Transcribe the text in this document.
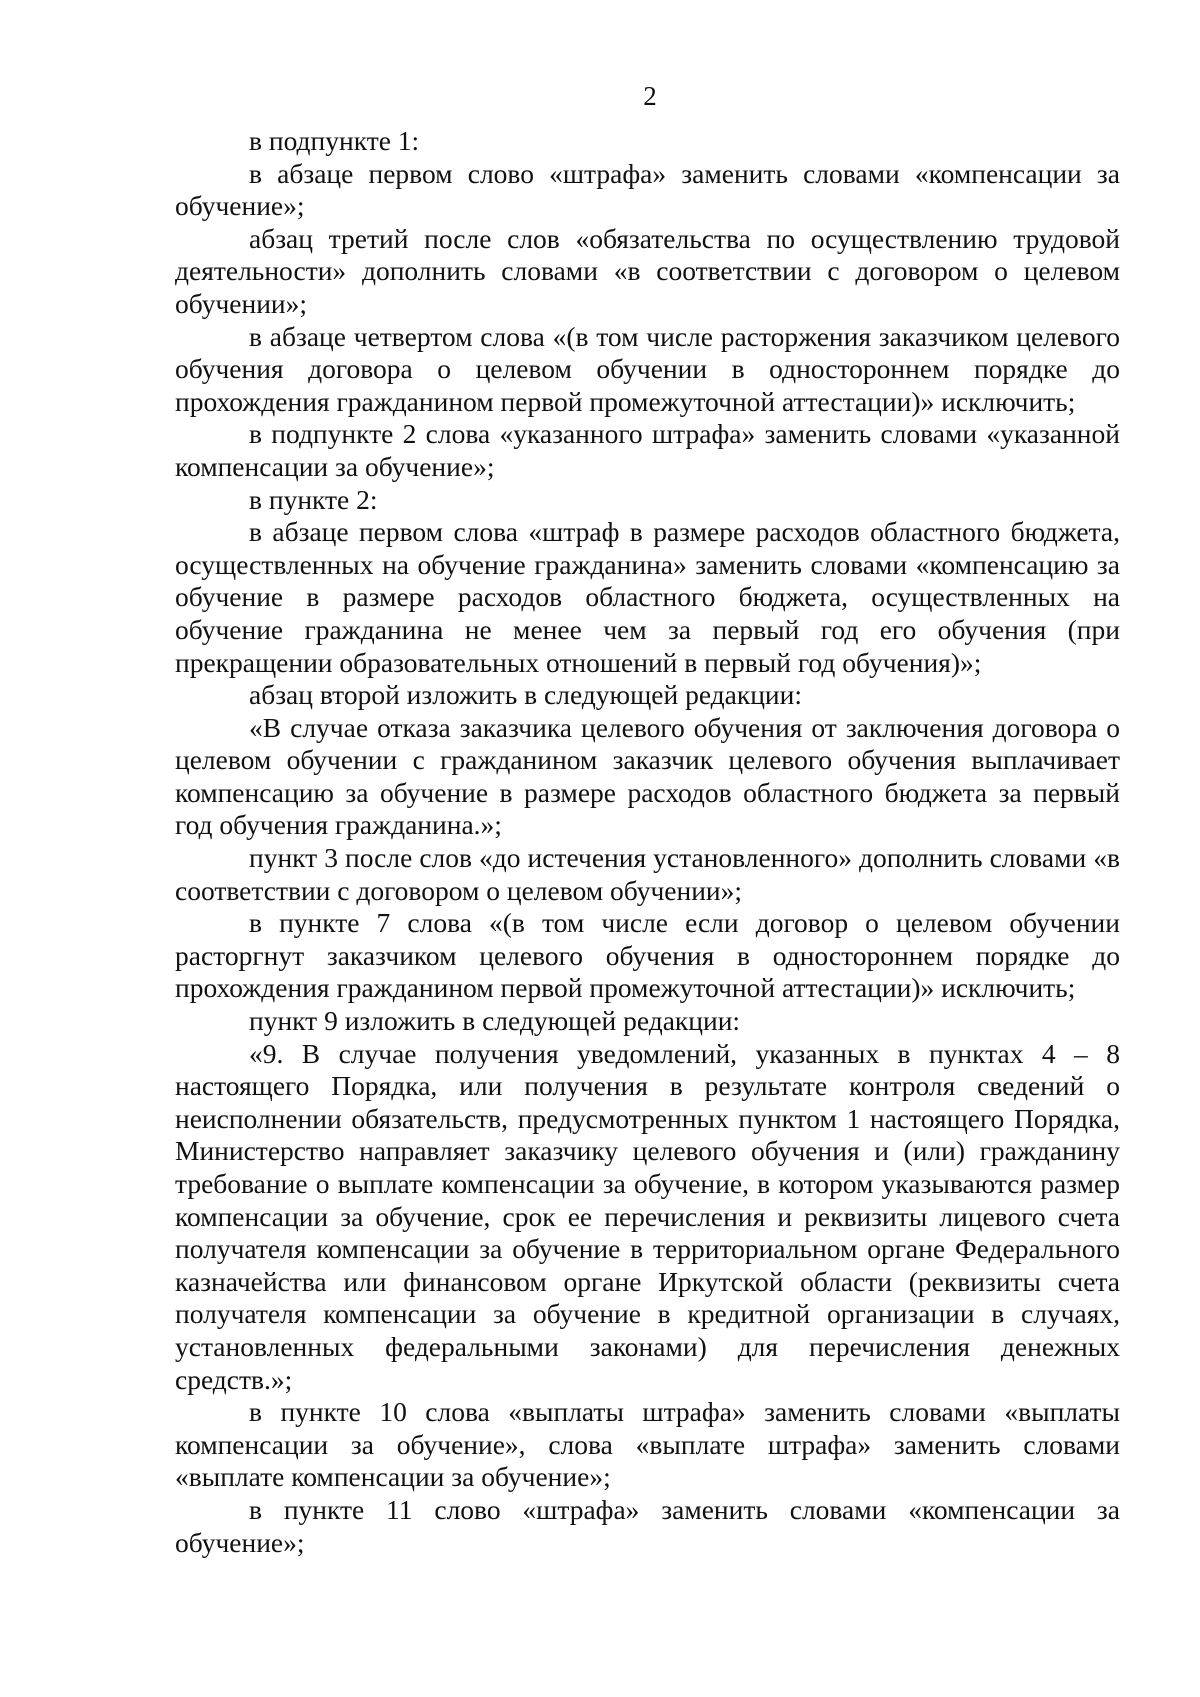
2

в подпункте 1:

в абзаце первом слово «штрафа» заменить словами «компенсации за обучение»;

абзац третий после слов «обязательства по осуществлению трудовой деятельности» дополнить словами «в соответствии с договором о целевом обучении»;

в абзаце четвертом слова «(в том числе расторжения заказчиком целевого обучения договора о целевом обучении в одностороннем порядке до прохождения гражданином первой промежуточной аттестации)» исключить;

в подпункте 2 слова «указанного штрафа» заменить словами «указанной компенсации за обучение»;

в пункте 2:

в абзаце первом слова «штраф в размере расходов областного бюджета, осуществленных на обучение гражданина» заменить словами «компенсацию за обучение в размере расходов областного бюджета, осуществленных на обучение гражданина не менее чем за первый год его обучения (при прекращении образовательных отношений в первый год обучения)»;

абзац второй изложить в следующей редакции:

«В случае отказа заказчика целевого обучения от заключения договора о целевом обучении с гражданином заказчик целевого обучения выплачивает компенсацию за обучение в размере расходов областного бюджета за первый год обучения гражданина.»;

пункт 3 после слов «до истечения установленного» дополнить словами «в соответствии с договором о целевом обучении»;

в пункте 7 слова «(в том числе если договор о целевом обучении расторгнут заказчиком целевого обучения в одностороннем порядке до прохождения гражданином первой промежуточной аттестации)» исключить;

пункт 9 изложить в следующей редакции:

«9. В случае получения уведомлений, указанных в пунктах 4 – 8 настоящего Порядка, или получения в результате контроля сведений о неисполнении обязательств, предусмотренных пунктом 1 настоящего Порядка, Министерство направляет заказчику целевого обучения и (или) гражданину требование о выплате компенсации за обучение, в котором указываются размер компенсации за обучение, срок ее перечисления и реквизиты лицевого счета получателя компенсации за обучение в территориальном органе Федерального казначейства или финансовом органе Иркутской области (реквизиты счета получателя компенсации за обучение в кредитной организации в случаях, установленных федеральными законами) для перечисления денежных средств.»;

в пункте 10 слова «выплаты штрафа» заменить словами «выплаты компенсации за обучение», слова «выплате штрафа» заменить словами «выплате компенсации за обучение»;

в пункте 11 слово «штрафа» заменить словами «компенсации за обучение»;
